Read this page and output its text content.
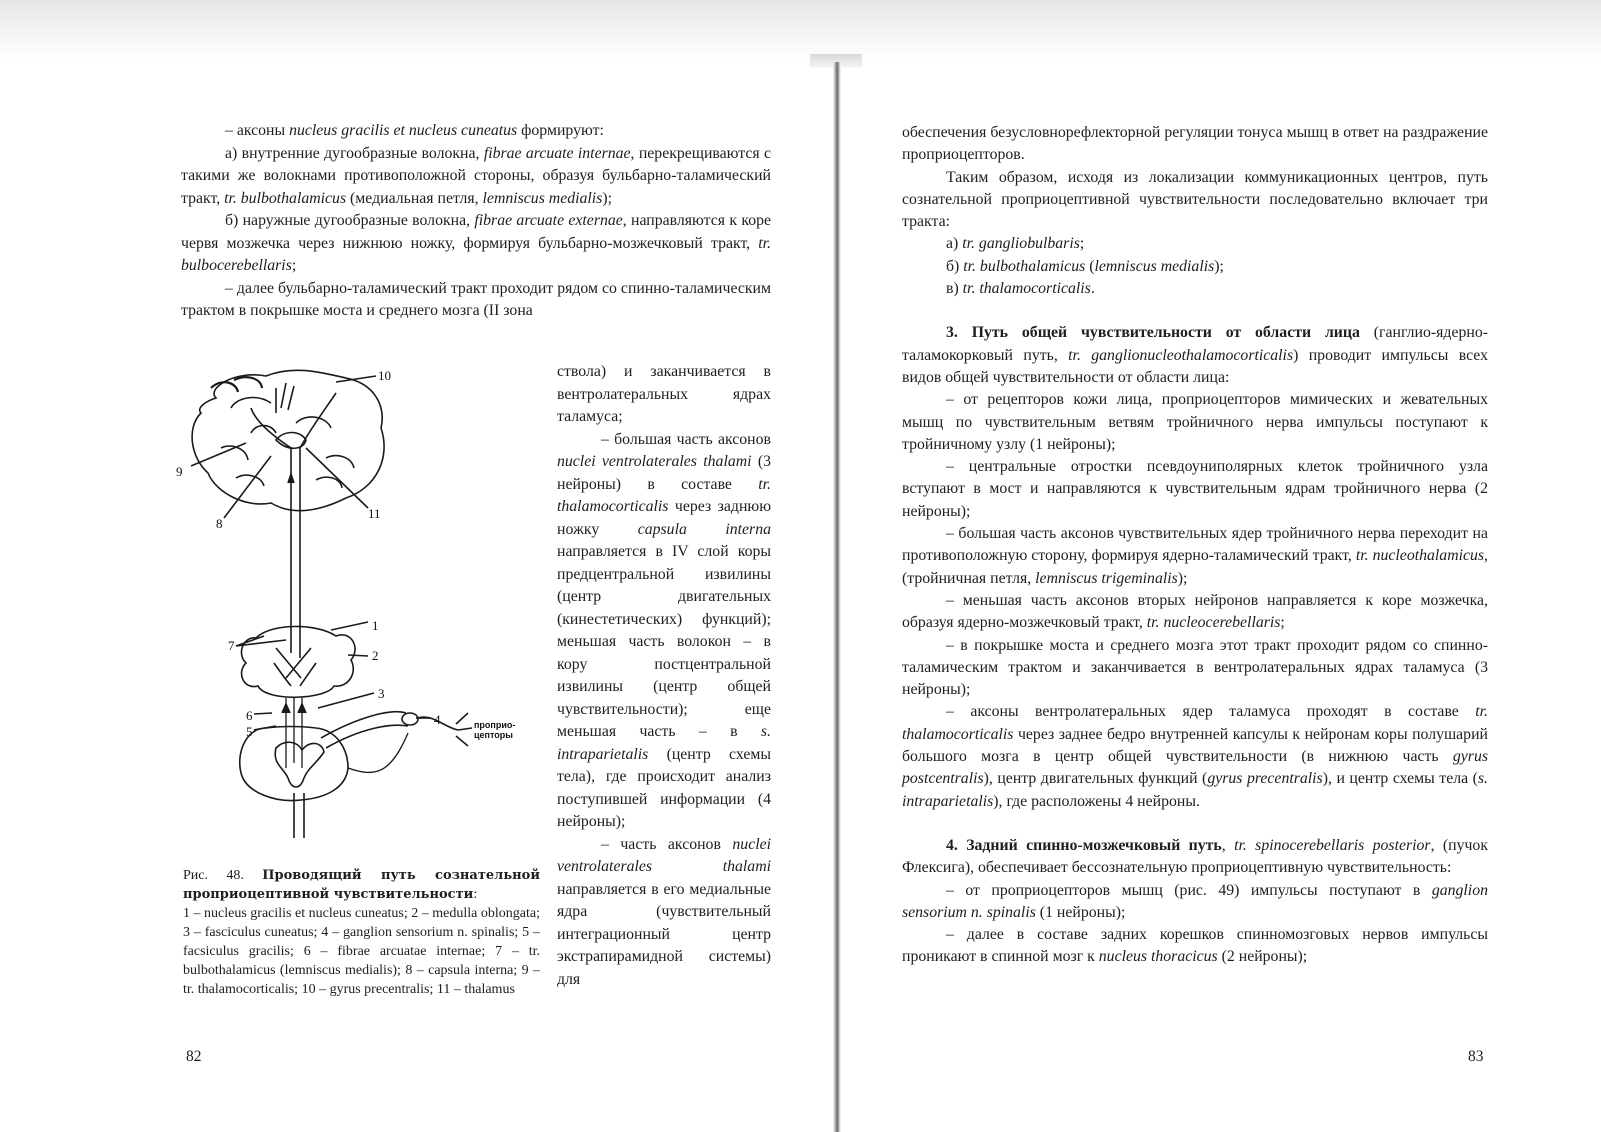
– аксоны nucleus gracilis et nucleus cuneatus формируют:

а) внутренние дугообразные волокна, fibrae arcuate internae, перекрещиваются с такими же волокнами противоположной стороны, образуя бульбарно-таламический тракт, tr. bulbothalamicus (медиальная петля, lemniscus medialis);

б) наружные дугообразные волокна, fibrae arcuate externae, направляются к коре червя мозжечка через нижнюю ножку, формируя бульбарно-мозжечковый тракт, tr. bulbocerebellaris;

– далее бульбарно-таламический тракт проходит рядом со спинно-таламическим трактом в покрышке моста и среднего мозга (II зона

10
9
8
11
7
1
2
3
6
5
4	проприо-
цепторы

ствола) и заканчивается в вентролатеральных ядрах таламуса;

– большая часть аксонов nuclei ventrolaterales thalami (3 нейроны) в составе tr. thalamocorticalis через заднюю ножку capsula interna направляется в IV слой коры предцентральной извилины (центр двигательных (кинестетических) функций); меньшая часть волокон – в кору постцентральной извилины (центр общей чувствительности); еще меньшая часть – в s. intraparietalis (центр схемы тела), где происходит анализ поступившей информации (4 нейроны);

– часть аксонов nuclei ventrolaterales thalami направляется в его медиальные ядра (чувствительный интеграционный центр экстрапирамидной системы) для

Рис. 48. Проводящий путь сознательной проприоцептивной чувствительности:
1 – nucleus gracilis et nucleus cuneatus; 2 – medulla oblongata; 3 – fasciculus cuneatus; 4 – ganglion sensorium n. spinalis; 5 – facsiculus gracilis; 6 – fibrae arcuatae internae; 7 – tr. bulbothalamicus (lemniscus medialis); 8 – capsula interna; 9 – tr. thalamocorticalis; 10 – gyrus precentralis; 11 – thalamus
82

обеспечения безусловнорефлекторной регуляции тонуса мышц в ответ на раздражение проприоцепторов.

Таким образом, исходя из локализации коммуникационных центров, путь сознательной проприоцептивной чувствительности последовательно включает три тракта:

а) tr. gangliobulbaris;

б) tr. bulbothalamicus (lemniscus medialis);

в) tr. thalamocorticalis.

3. Путь общей чувствительности от области лица (ганглио-ядерно-таламокорковый путь, tr. ganglionucleothalamocorticalis) проводит импульсы всех видов общей чувствительности от области лица:

– от рецепторов кожи лица, проприоцепторов мимических и жевательных мышц по чувствительным ветвям тройничного нерва импульсы поступают к тройничному узлу (1 нейроны);

– центральные отростки псевдоуниполярных клеток тройничного узла вступают в мост и направляются к чувствительным ядрам тройничного нерва (2 нейроны);

– большая часть аксонов чувствительных ядер тройничного нерва переходит на противоположную сторону, формируя ядерно-таламический тракт, tr. nucleothalamicus, (тройничная петля, lemniscus trigeminalis);

– меньшая часть аксонов вторых нейронов направляется к коре мозжечка, образуя ядерно-мозжечковый тракт, tr. nucleocerebellaris;

– в покрышке моста и среднего мозга этот тракт проходит рядом со спинно-таламическим трактом и заканчивается в вентролатеральных ядрах таламуса (3 нейроны);

– аксоны вентролатеральных ядер таламуса проходят в составе tr. thalamocorticalis через заднее бедро внутренней капсулы к нейронам коры полушарий большого мозга в центр общей чувствительности (в нижнюю часть gyrus postcentralis), центр двигательных функций (gyrus precentralis), и центр схемы тела (s. intraparietalis), где расположены 4 нейроны.

4. Задний спинно-мозжечковый путь, tr. spinocerebellaris posterior, (пучок Флексига), обеспечивает бессознательную проприоцептивную чувствительность:

– от проприоцепторов мышц (рис. 49) импульсы поступают в ganglion sensorium n. spinalis (1 нейроны);

– далее в составе задних корешков спинномозговых нервов импульсы проникают в спинной мозг к nucleus thoracicus (2 нейроны);

83
